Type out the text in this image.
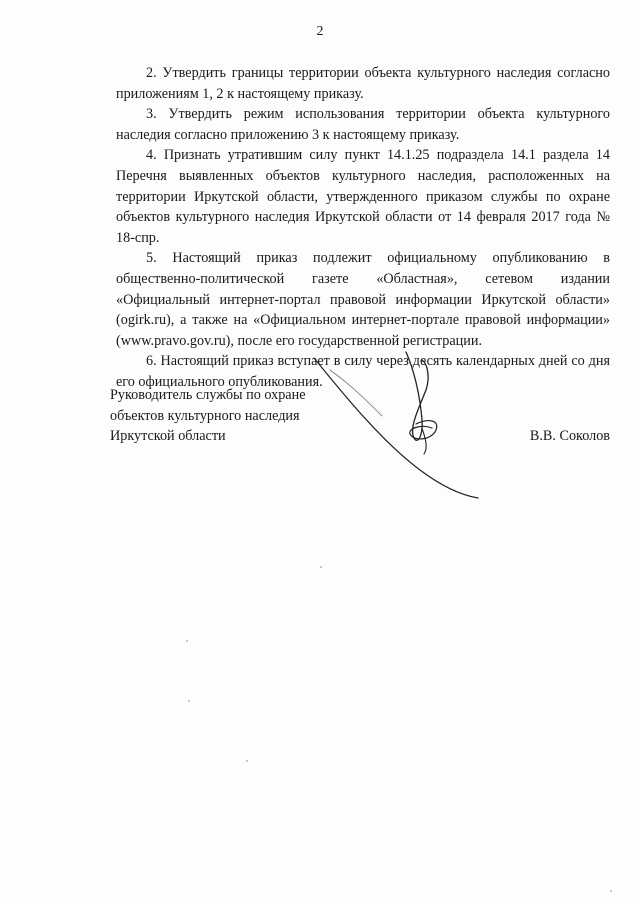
2

2. Утвердить границы территории объекта культурного наследия согласно приложениям 1, 2 к настоящему приказу.

3. Утвердить режим использования территории объекта культурного наследия согласно приложению 3 к настоящему приказу.

4. Признать утратившим силу пункт 14.1.25 подраздела 14.1 раздела 14 Перечня выявленных объектов культурного наследия, расположенных на территории Иркутской области, утвержденного приказом службы по охране объектов культурного наследия Иркутской области от 14 февраля 2017 года № 18-спр.

5. Настоящий приказ подлежит официальному опубликованию в общественно-политической газете «Областная», сетевом издании «Официальный интернет-портал правовой информации Иркутской области» (ogirk.ru), а также на «Официальном интернет-портале правовой информации» (www.pravo.gov.ru), после его государственной регистрации.

6. Настоящий приказ вступает в силу через десять календарных дней со дня его официального опубликования.

Руководитель службы по охране
объектов культурного наследия
Иркутской области	В.В. Соколов
